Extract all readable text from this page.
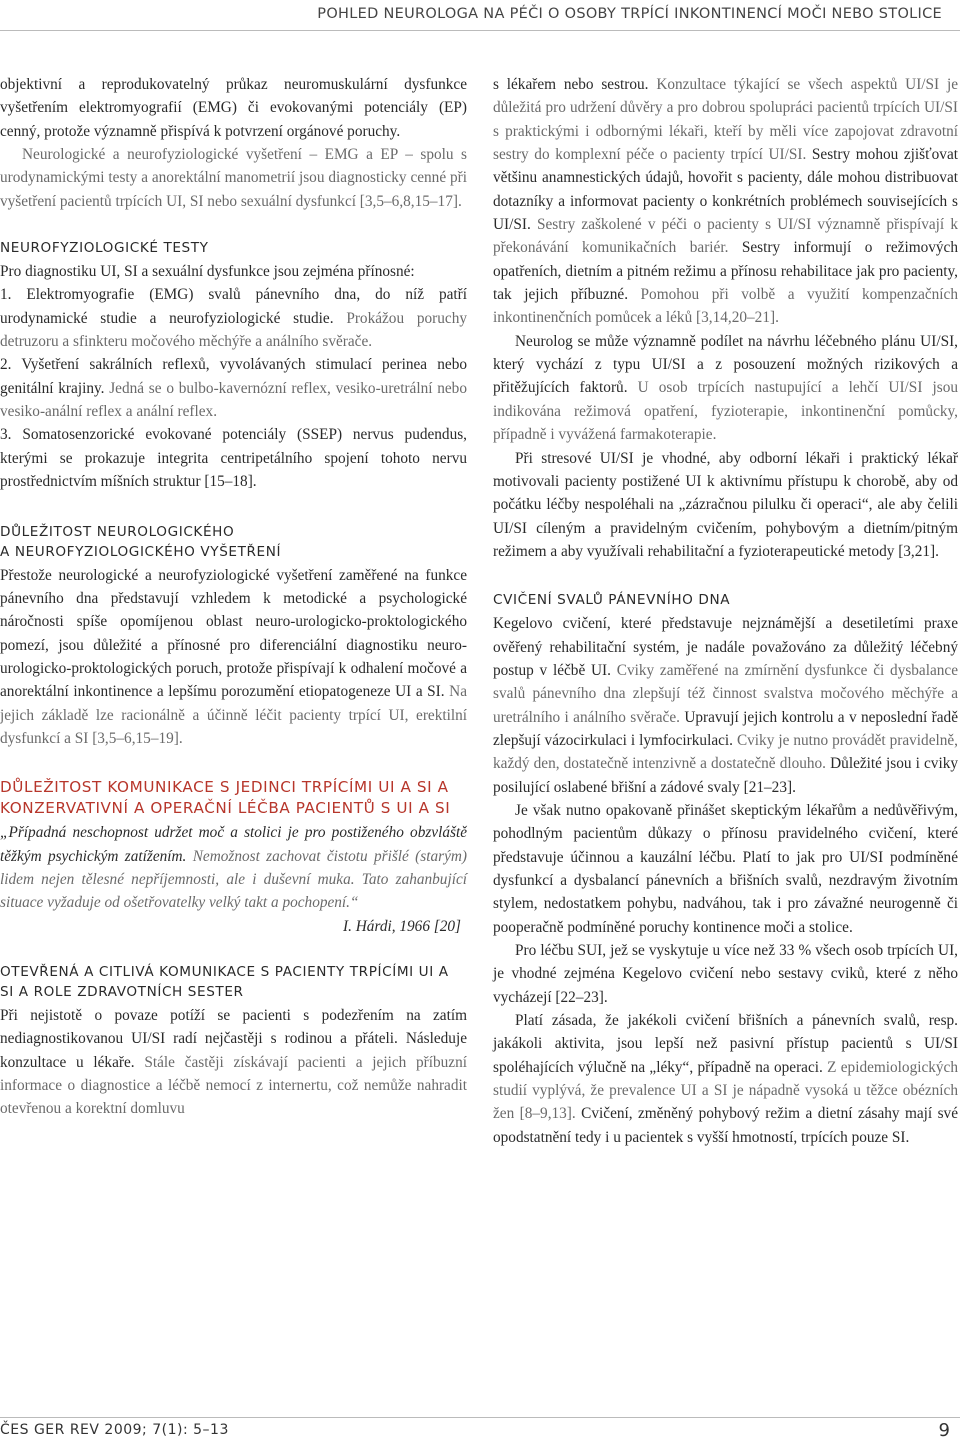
POHLED NEUROLOGA NA PÉČI O OSOBY TRPÍCÍ INKONTINENCÍ MOČI NEBO STOLICE

objektivní a reprodukovatelný průkaz neuromuskulární dysfunkce vyšetřením elektromyografií (EMG) či evokovanými potenciály (EP) cenný, protože významně přispívá k potvrzení orgánové poruchy.

Neurologické a neurofyziologické vyšetření – EMG a EP – spolu s urodynamickými testy a anorektální manometrií jsou diagnosticky cenné při vyšetření pacientů trpících UI, SI nebo sexuální dysfunkcí [3,5–6,8,15–17].

NEUROFYZIOLOGICKÉ TESTY

Pro diagnostiku UI, SI a sexuální dysfunkce jsou zejména přínosné:

1. Elektromyografie (EMG) svalů pánevního dna, do níž patří urodynamické studie a neurofyziologické studie. Prokážou poruchy detruzoru a sfinkteru močového měchýře a análního svěrače.

2. Vyšetření sakrálních reflexů, vyvolávaných stimulací perinea nebo genitální krajiny. Jedná se o bulbo-kavernózní reflex, vesiko-uretrální nebo vesiko-anální reflex a anální reflex.

3. Somatosenzorické evokované potenciály (SSEP) nervus pudendus, kterými se prokazuje integrita centripetálního spojení tohoto nervu prostřednictvím míšních struktur [15–18].

DŮLEŽITOST NEUROLOGICKÉHO
A NEUROFYZIOLOGICKÉHO VYŠETŘENÍ

Přestože neurologické a neurofyziologické vyšetření zaměřené na funkce pánevního dna představují vzhledem k metodické a psychologické náročnosti spíše opomíjenou oblast neuro-urologicko-proktologického pomezí, jsou důležité a přínosné pro diferenciální diagnostiku neuro-urologicko-proktologických poruch, protože přispívají k odhalení močové a anorektální inkontinence a lepšímu porozumění etiopatogeneze UI a SI. Na jejich základě lze racionálně a účinně léčit pacienty trpící UI, erektilní dysfunkcí a SI [3,5–6,15–19].

DŮLEŽITOST KOMUNIKACE S JEDINCI TRPÍCÍMI UI A SI A KONZERVATIVNÍ A OPERAČNÍ LÉČBA PACIENTŮ S UI A SI

„Případná neschopnost udržet moč a stolici je pro postiženého obzvláště těžkým psychickým zatížením. Nemožnost zachovat čistotu přišlé (starým) lidem nejen tělesné nepříjemnosti, ale i duševní muka. Tato zahanbující situace vyžaduje od ošetřovatelky velký takt a pochopení.“

I. Hárdi, 1966 [20]

OTEVŘENÁ A CITLIVÁ KOMUNIKACE S PACIENTY TRPÍCÍMI UI A SI A ROLE ZDRAVOTNÍCH SESTER

Při nejistotě o povaze potíží se pacienti s podezřením na zatím nediagnostikovanou UI/SI radí nejčastěji s rodinou a přáteli. Následuje konzultace u lékaře. Stále častěji získávají pacienti a jejich příbuzní informace o diagnostice a léčbě nemocí z internertu, což nemůže nahradit otevřenou a korektní domluvu

s lékařem nebo sestrou. Konzultace týkající se všech aspektů UI/SI je důležitá pro udržení důvěry a pro dobrou spolupráci pacientů trpících UI/SI s praktickými i odbornými lékaři, kteří by měli více zapojovat zdravotní sestry do komplexní péče o pacienty trpící UI/SI. Sestry mohou zjišťovat většinu anamnestických údajů, hovořit s pacienty, dále mohou distribuovat dotazníky a informovat pacienty o konkrétních problémech souvisejících s UI/SI. Sestry zaškolené v péči o pacienty s UI/SI významně přispívají k překonávání komunikačních bariér. Sestry informují o režimových opatřeních, dietním a pitném režimu a přínosu rehabilitace jak pro pacienty, tak jejich příbuzné. Pomohou při volbě a využití kompenzačních inkontinenčních pomůcek a léků [3,14,20–21].

Neurolog se může významně podílet na návrhu léčebného plánu UI/SI, který vychází z typu UI/SI a z posouzení možných rizikových a přitěžujících faktorů. U osob trpících nastupující a lehčí UI/SI jsou indikována režimová opatření, fyzioterapie, inkontinenční pomůcky, případně i vyvážená farmakoterapie.

Při stresové UI/SI je vhodné, aby odborní lékaři i praktický lékař motivovali pacienty postižené UI k aktivnímu přístupu k chorobě, aby od počátku léčby nespoléhali na „zázračnou pilulku či operaci“, ale aby čelili UI/SI cíleným a pravidelným cvičením, pohybovým a dietním/pitným režimem a aby využívali rehabilitační a fyzioterapeutické metody [3,21].

CVIČENÍ SVALŮ PÁNEVNÍHO DNA

Kegelovo cvičení, které představuje nejznámější a desetiletími praxe ověřený rehabilitační systém, je nadále považováno za důležitý léčebný postup v léčbě UI. Cviky zaměřené na zmírnění dysfunkce či dysbalance svalů pánevního dna zlepšují též činnost svalstva močového měchýře a uretrálního i análního svěrače. Upravují jejich kontrolu a v neposlední řadě zlepšují vázocirkulaci i lymfocirkulaci. Cviky je nutno provádět pravidelně, každý den, dostatečně intenzivně a dostatečně dlouho. Důležité jsou i cviky posilující oslabené břišní a zádové svaly [21–23].

Je však nutno opakovaně přinášet skeptickým lékařům a nedůvěřivým, pohodlným pacientům důkazy o přínosu pravidelného cvičení, které představuje účinnou a kauzální léčbu. Platí to jak pro UI/SI podmíněné dysfunkcí a dysbalancí pánevních a břišních svalů, nezdravým životním stylem, nedostatkem pohybu, nadváhou, tak i pro závažné neurogenně či pooperačně podmíněné poruchy kontinence moči a stolice.

Pro léčbu SUI, jež se vyskytuje u více než 33 % všech osob trpících UI, je vhodné zejména Kegelovo cvičení nebo sestavy cviků, které z něho vycházejí [22–23].

Platí zásada, že jakékoli cvičení břišních a pánevních svalů, resp. jakákoli aktivita, jsou lepší než pasivní přístup pacientů s UI/SI spoléhajících výlučně na „léky“, případně na operaci. Z epidemiologických studií vyplývá, že prevalence UI a SI je nápadně vysoká u těžce obézních žen [8–9,13]. Cvičení, změněný pohybový režim a dietní zásahy mají své opodstatnění tedy i u pacientek s vyšší hmotností, trpících pouze SI.

ČES GER REV 2009; 7(1): 5–13	9
